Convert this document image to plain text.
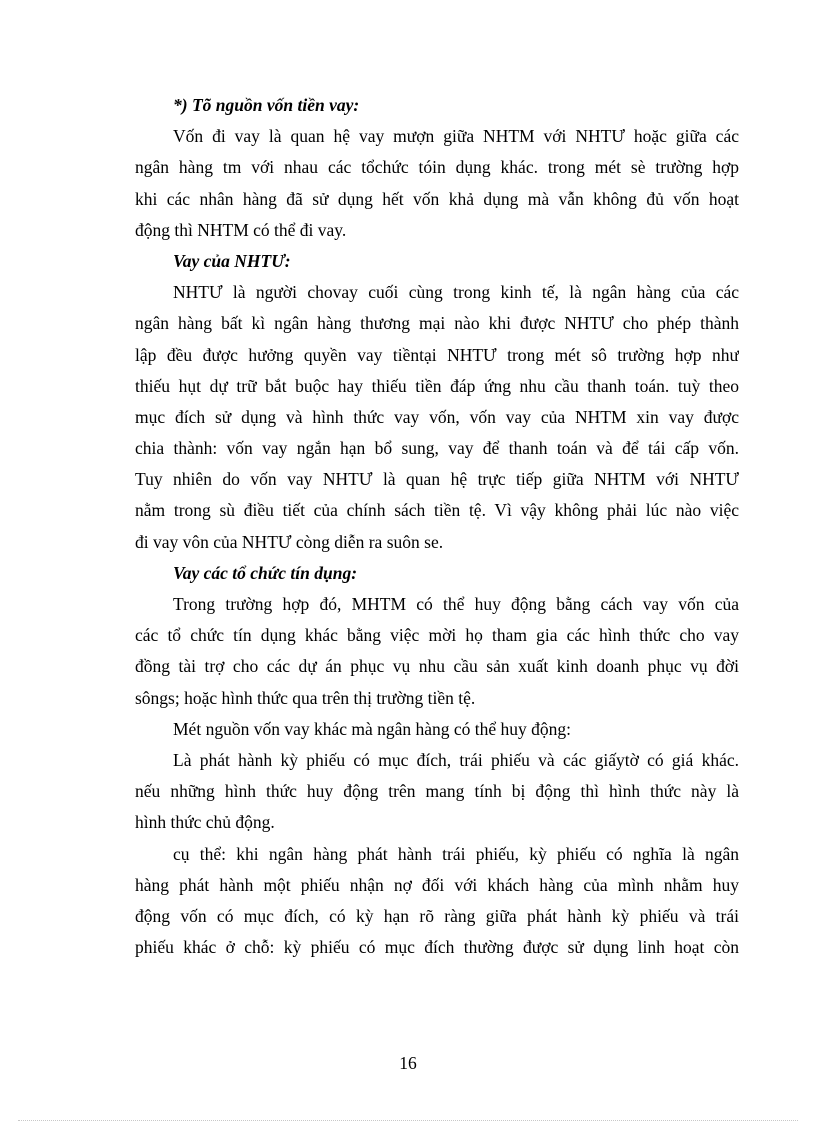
*) Tõ nguồn vốn tiền vay:
Vốn đi vay là quan hệ vay mượn giữa NHTM với NHTƯ hoặc giữa các
ngân hàng tm với nhau các tổchức tóin dụng khác. trong mét sè trường hợp
khi các nhân hàng đã sử dụng hết vốn khả dụng mà vẫn không đủ vốn hoạt
động thì NHTM có thể đi vay.
Vay của NHTƯ:
NHTƯ là người chovay cuối cùng trong kinh tế, là ngân hàng của các
ngân hàng bất kì ngân hàng thương mại nào khi được NHTƯ cho phép thành
lập đều được hưởng quyền vay tiềntại NHTƯ trong mét sô trường hợp như
thiếu hụt dự trữ bắt buộc hay thiếu tiền đáp ứng nhu cầu thanh toán. tuỳ theo
mục đích sử dụng và hình thức vay vốn, vốn vay của NHTM xin vay được
chia thành: vốn vay ngắn hạn bổ sung, vay để thanh toán và để tái cấp vốn.
Tuy nhiên do vốn vay NHTƯ là quan hệ trực tiếp giữa NHTM với NHTƯ
nằm trong sù điều tiết của chính sách tiền tệ. Vì vậy không phải lúc nào việc
đi vay vôn của NHTƯ còng diễn ra suôn se.
Vay các tổ chức tín dụng:
Trong trường hợp đó, MHTM có thể huy động bằng cách vay vốn của
các tổ chức tín dụng khác bằng việc mời họ tham gia các hình thức cho vay
đồng tài trợ cho các dự án phục vụ nhu cầu sản xuất kinh doanh phục vụ đời
sôngs; hoặc hình thức qua trên thị trường tiền tệ.
Mét nguồn vốn vay khác mà ngân hàng có thể huy động:
Là phát hành kỳ phiếu có mục đích, trái phiếu và các giấytờ có giá khác.
nếu những hình thức huy động trên mang tính bị động thì hình thức này là
hình thức chủ động.
cụ thể: khi ngân hàng phát hành trái phiếu, kỳ phiếu có nghĩa là ngân
hàng phát hành một phiếu nhận nợ đối với khách hàng của mình nhằm huy
động vốn có mục đích, có kỳ hạn rõ ràng giữa phát hành kỳ phiếu và trái
phiếu khác ở chỗ: kỳ phiếu có mục đích thường được sử dụng linh hoạt còn
16
